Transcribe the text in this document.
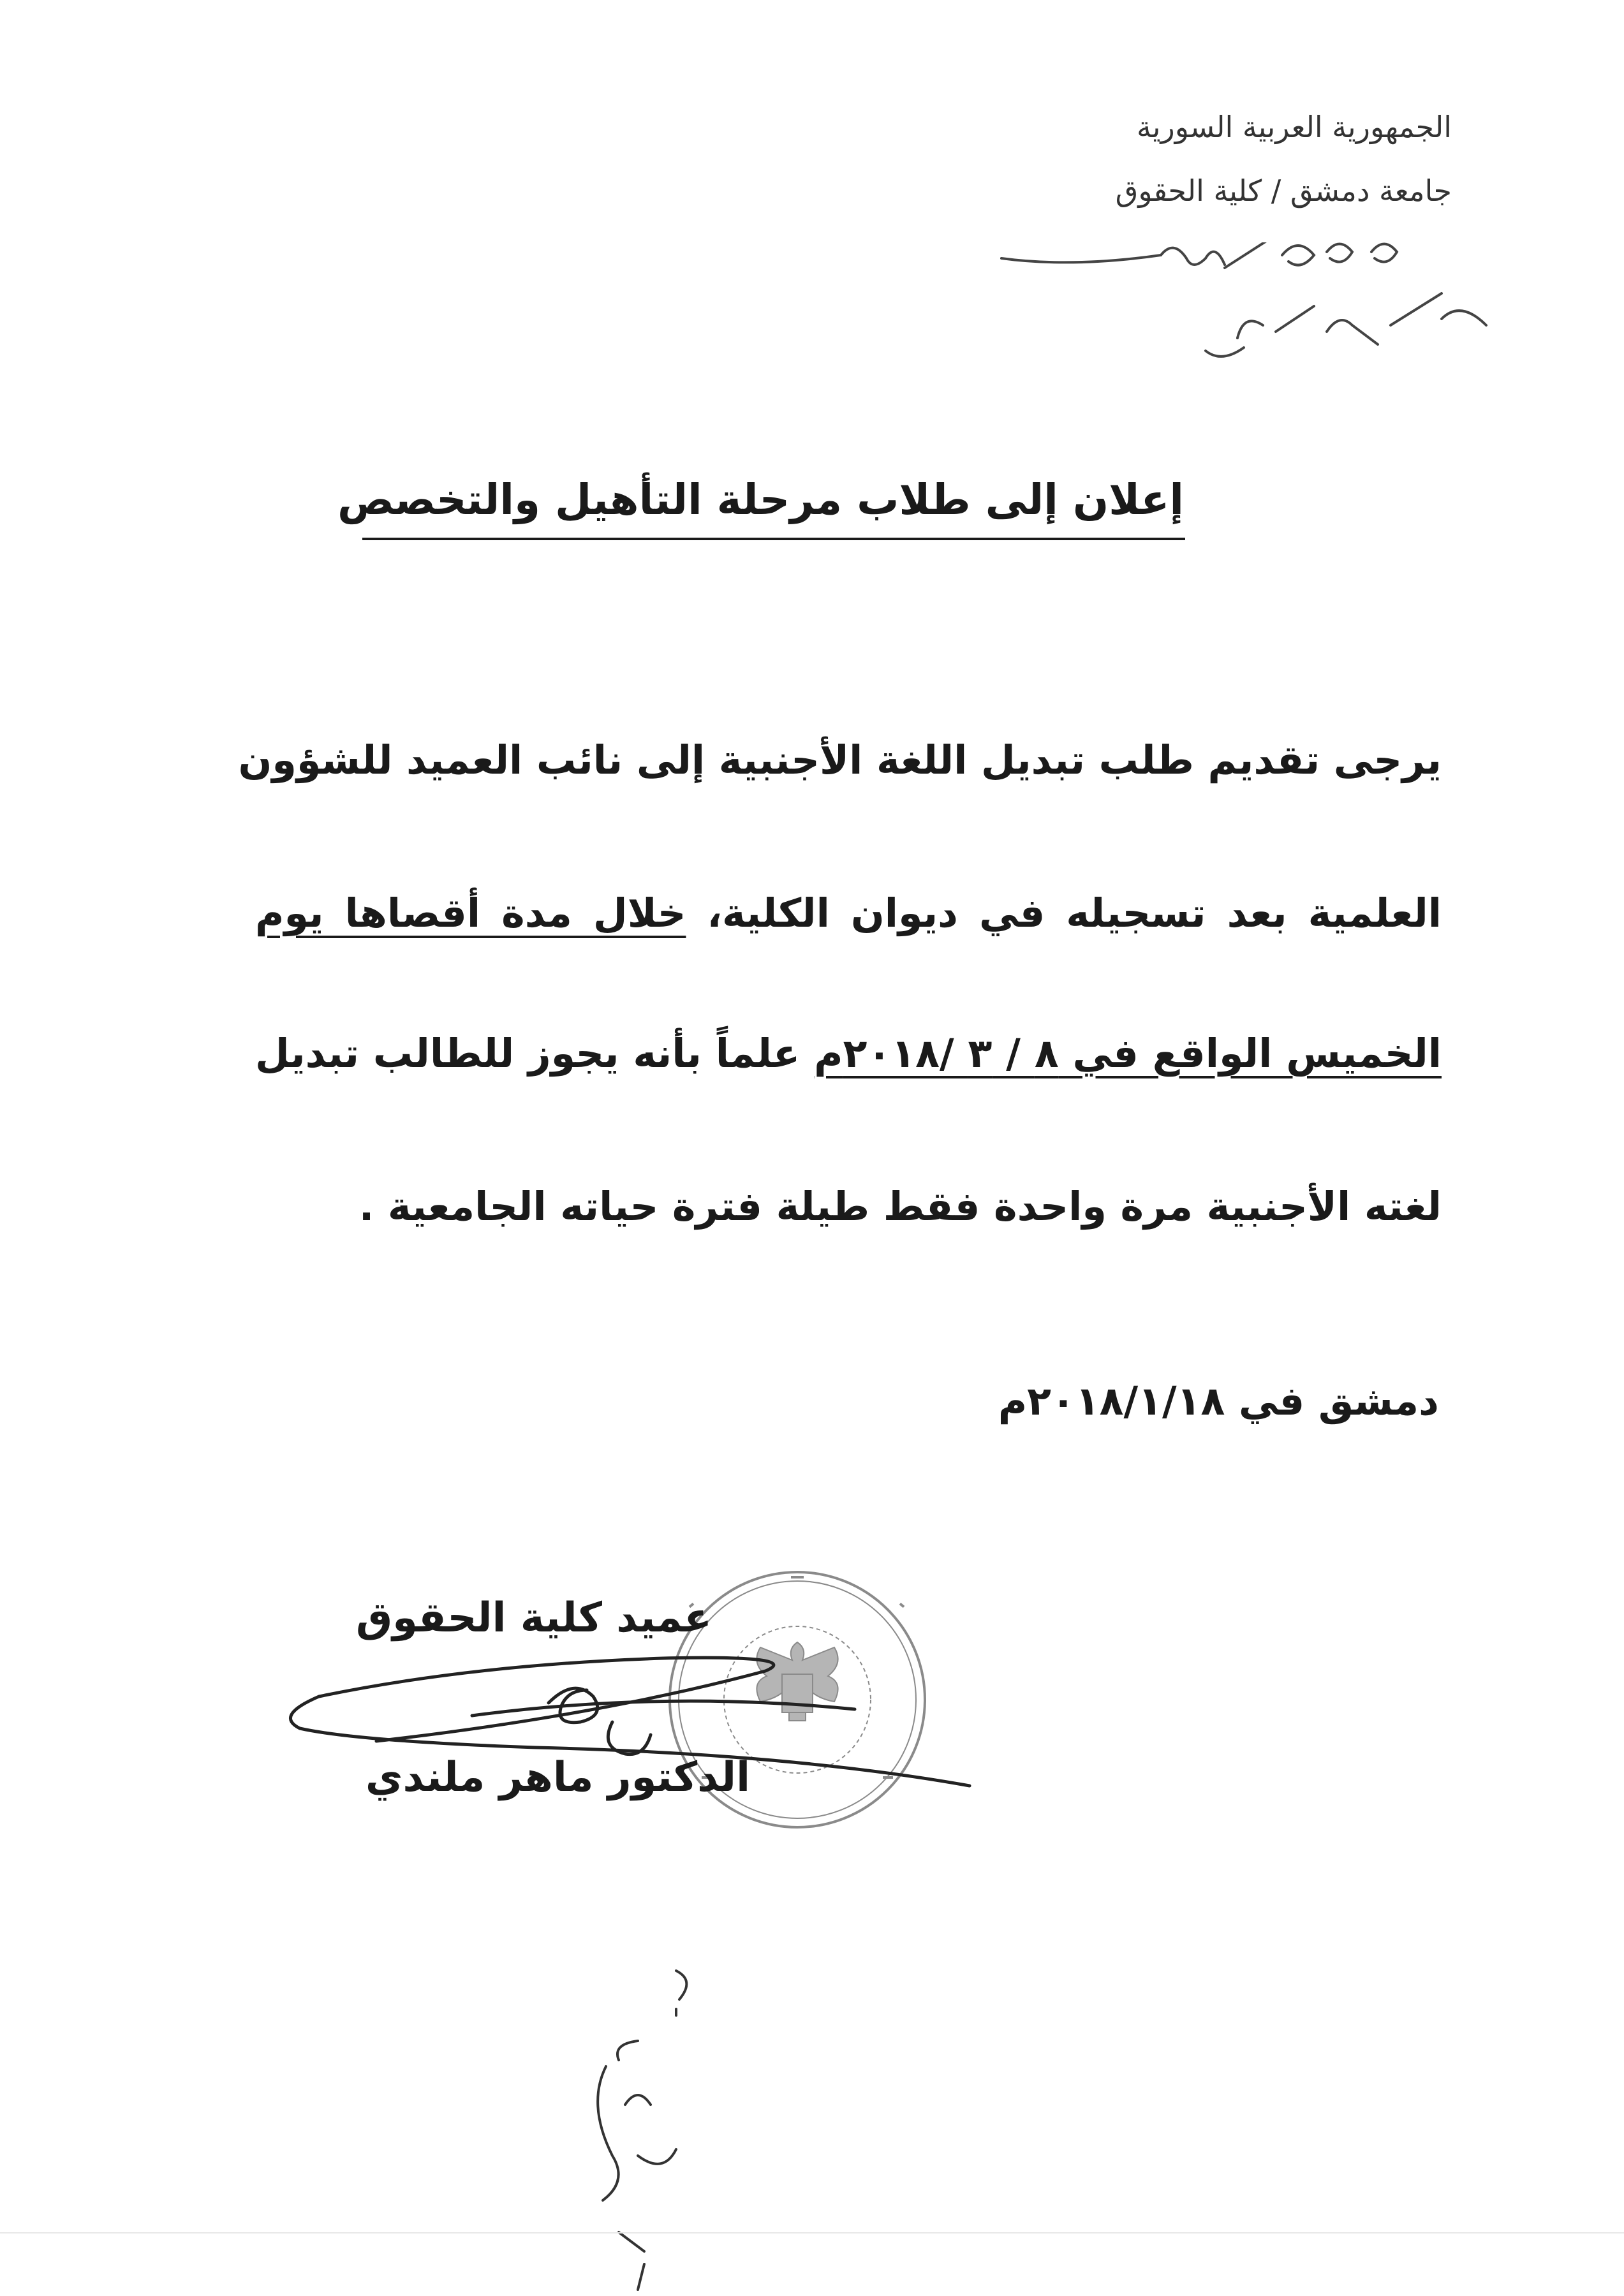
الجمهورية العربية السورية
جامعة دمشق / كلية الحقوق
إعلان إلى طلاب مرحلة التأهيل والتخصص
يرجى تقديم طلب تبديل اللغة الأجنبية إلى نائب العميد للشؤون
العلمية بعد تسجيله في ديوان الكلية، خلال مدة أقصاها يوم
الخميس الواقع في ٨ / ٣ /٢٠١٨م علماً بأنه يجوز للطالب تبديل
لغته الأجنبية مرة واحدة فقط طيلة فترة حياته الجامعية .
دمشق في ٢٠١٨/١/١٨م
عميد كلية الحقوق
الدكتور ماهر ملندي
